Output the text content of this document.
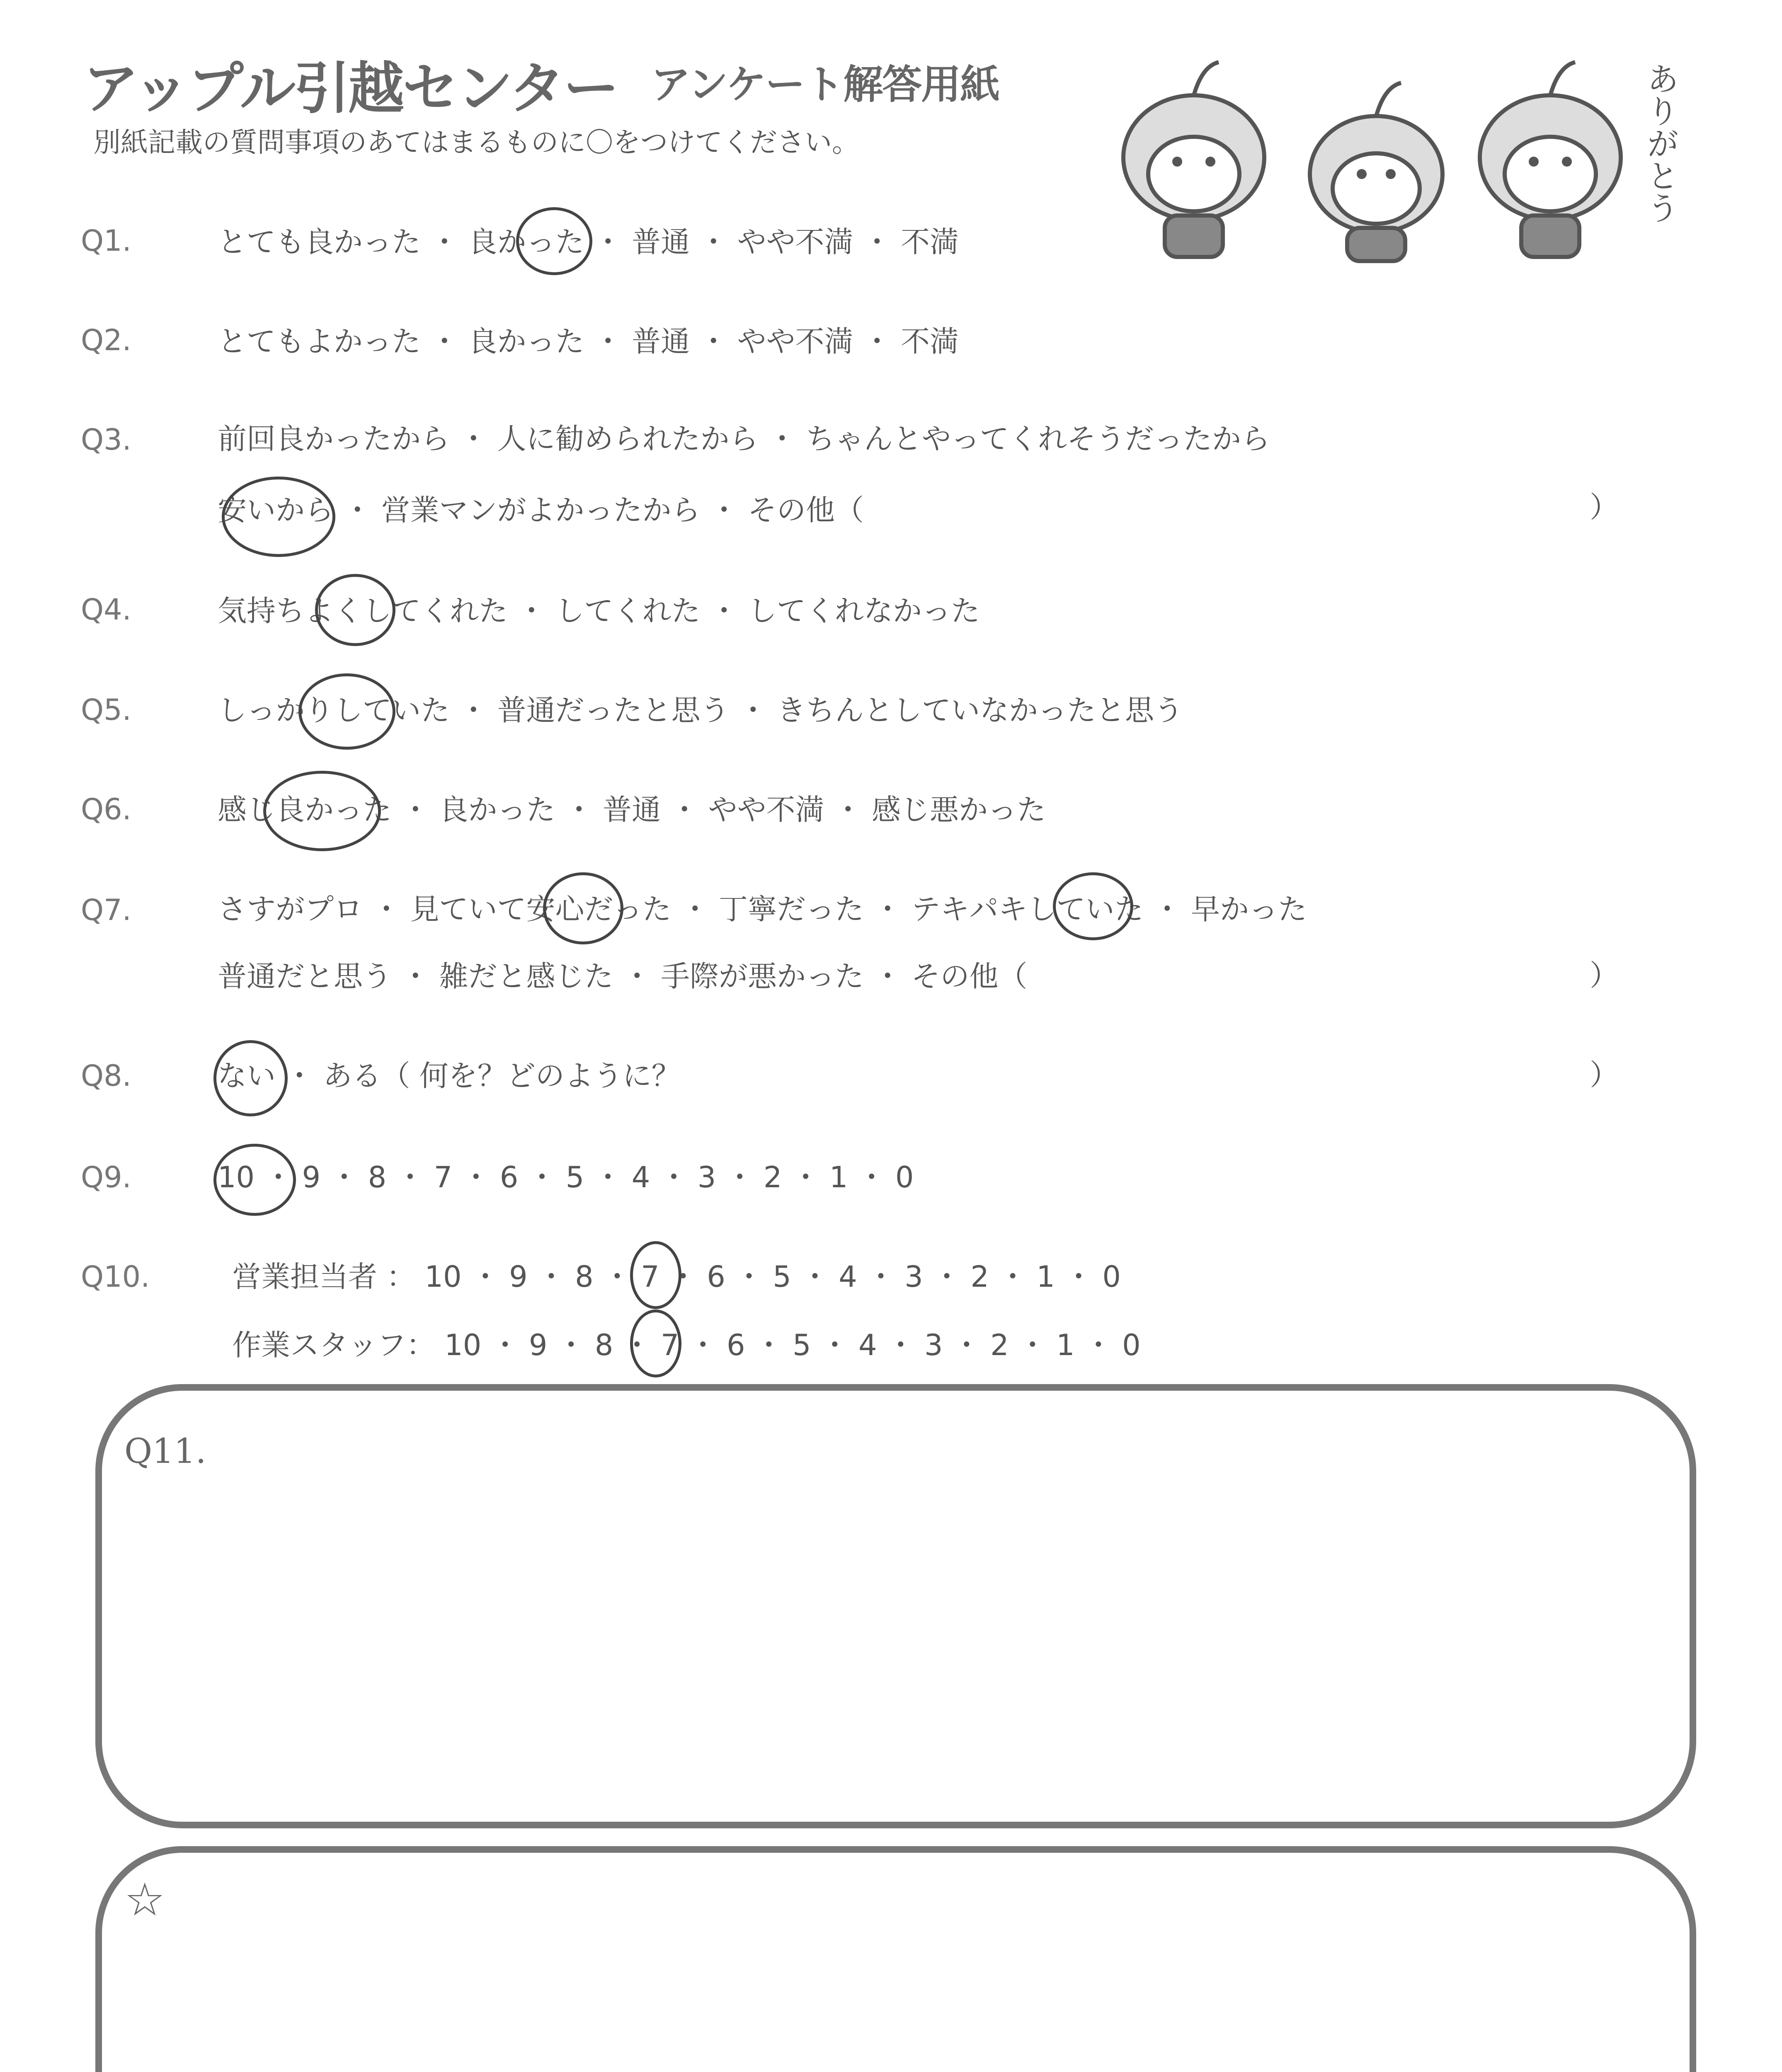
アップル引越センター アンケート解答用紙
別紙記載の質問事項のあてはまるものに〇をつけてください。	ありがとう
Q1.	とても良かった ・ 良かった ・ 普通 ・ やや不満 ・ 不満
Q2.	とてもよかった ・ 良かった ・ 普通 ・ やや不満 ・ 不満
Q3.	前回良かったから ・ 人に勧められたから ・ ちゃんとやってくれそうだったから
安いから ・ 営業マンがよかったから ・ その他（	）
Q4.	気持ちよくしてくれた ・ してくれた ・ してくれなかった
Q5.	しっかりしていた ・ 普通だったと思う ・ きちんとしていなかったと思う
Q6.	感じ良かった ・ 良かった ・ 普通 ・ やや不満 ・ 感じ悪かった
Q7.	さすがプロ ・ 見ていて安心だった ・ 丁寧だった ・ テキパキしていた ・ 早かった
普通だと思う ・ 雑だと感じた ・ 手際が悪かった ・ その他（	）
Q8.	ない ・ ある（ 何を？どのように？	）
Q9.	10 ・ 9 ・ 8 ・ 7 ・ 6 ・ 5 ・ 4 ・ 3 ・ 2 ・ 1 ・ 0
Q10.	営業担当者 ： 10 ・ 9 ・ 8 ・ 7 ・ 6 ・ 5 ・ 4 ・ 3 ・ 2 ・ 1 ・ 0
作業スタッフ： 10 ・ 9 ・ 8 ・ 7 ・ 6 ・ 5 ・ 4 ・ 3 ・ 2 ・ 1 ・ 0
Q11.
☆
